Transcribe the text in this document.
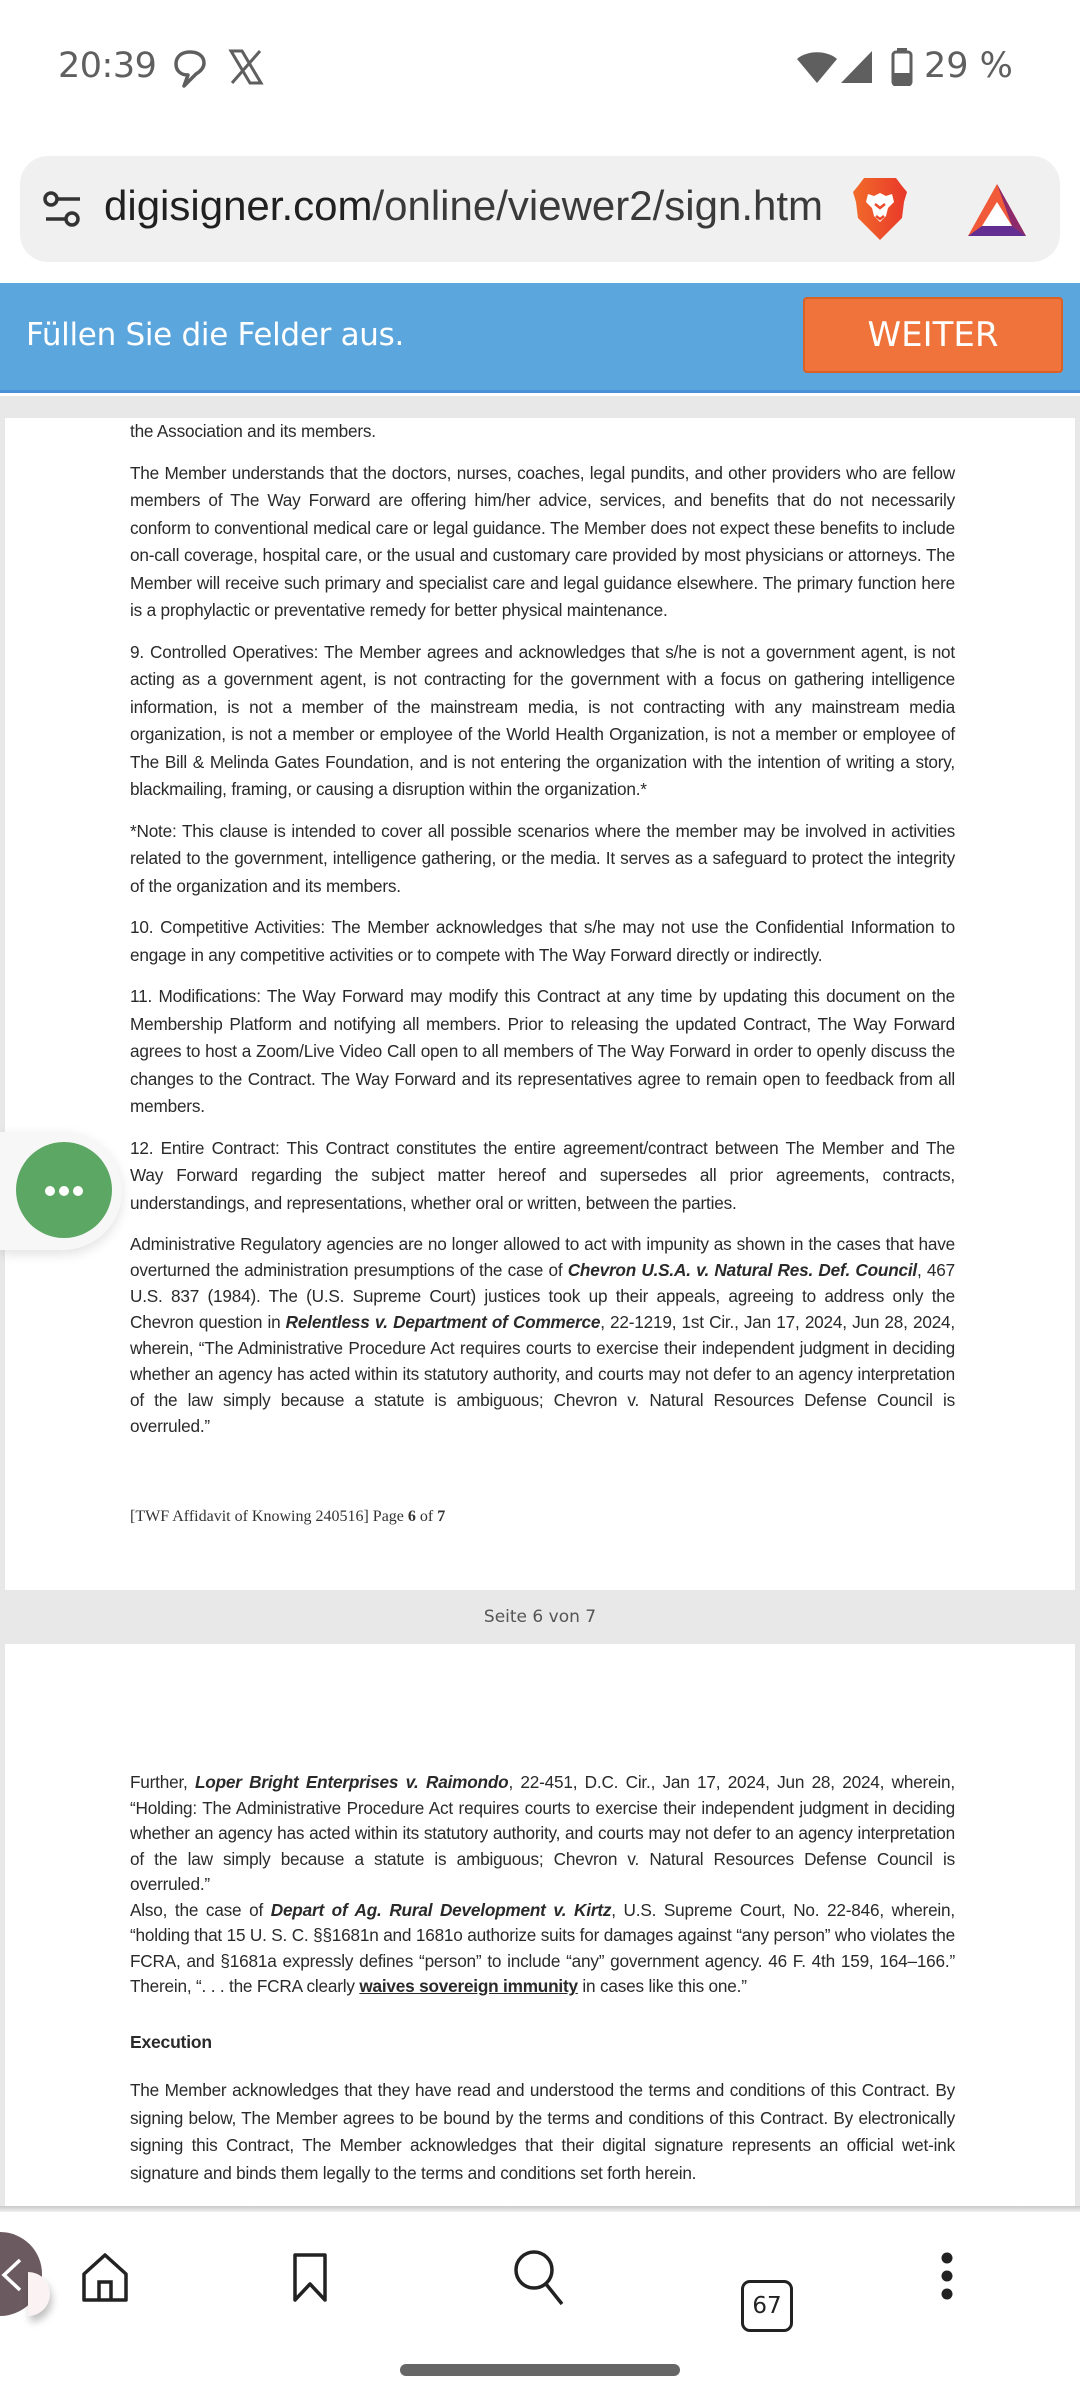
20:39	29 %
digisigner.com/online/viewer2/sign.htm
Füllen Sie die Felder aus.	WEITER

the Association and its members.

The Member understands that the doctors, nurses, coaches, legal pundits, and other providers who are fellow members of The Way Forward are offering him/her advice, services, and benefits that do not necessarily conform to conventional medical care or legal guidance. The Member does not expect these benefits to include on-call coverage, hospital care, or the usual and customary care provided by most physicians or attorneys. The Member will receive such primary and specialist care and legal guidance elsewhere. The primary function here is a prophylactic or preventative remedy for better physical maintenance.

9. Controlled Operatives: The Member agrees and acknowledges that s/he is not a government agent, is not acting as a government agent, is not contracting for the government with a focus on gathering intelligence information, is not a member of the mainstream media, is not contracting with any mainstream media organization, is not a member or employee of the World Health Organization, is not a member or employee of The Bill & Melinda Gates Foundation, and is not entering the organization with the intention of writing a story, blackmailing, framing, or causing a disruption within the organization.*

*Note: This clause is intended to cover all possible scenarios where the member may be involved in activities related to the government, intelligence gathering, or the media. It serves as a safeguard to protect the integrity of the organization and its members.

10. Competitive Activities: The Member acknowledges that s/he may not use the Confidential Information to engage in any competitive activities or to compete with The Way Forward directly or indirectly.

11. Modifications: The Way Forward may modify this Contract at any time by updating this document on the Membership Platform and notifying all members. Prior to releasing the updated Contract, The Way Forward agrees to host a Zoom/Live Video Call open to all members of The Way Forward in order to openly discuss the changes to the Contract. The Way Forward and its representatives agree to remain open to feedback from all members.

12. Entire Contract: This Contract constitutes the entire agreement/contract between The Member and The Way Forward regarding the subject matter hereof and supersedes all prior agreements, contracts, understandings, and representations, whether oral or written, between the parties.

Administrative Regulatory agencies are no longer allowed to act with impunity as shown in the cases that have overturned the administration presumptions of the case of Chevron U.S.A. v. Natural Res. Def. Council, 467 U.S. 837 (1984). The (U.S. Supreme Court) justices took up their appeals, agreeing to address only the Chevron question in Relentless v. Department of Commerce, 22-1219, 1st Cir., Jan 17, 2024, Jun 28, 2024, wherein, “The Administrative Procedure Act requires courts to exercise their independent judgment in deciding whether an agency has acted within its statutory authority, and courts may not defer to an agency interpretation of the law simply because a statute is ambiguous; Chevron v. Natural Resources Defense Council is overruled.”

[TWF Affidavit of Knowing 240516] Page 6 of 7
Seite 6 von 7

Further, Loper Bright Enterprises v. Raimondo, 22-451, D.C. Cir., Jan 17, 2024, Jun 28, 2024, wherein, “Holding: The Administrative Procedure Act requires courts to exercise their independent judgment in deciding whether an agency has acted within its statutory authority, and courts may not defer to an agency interpretation of the law simply because a statute is ambiguous; Chevron v. Natural Resources Defense Council is overruled.”

Also, the case of Depart of Ag. Rural Development v. Kirtz, U.S. Supreme Court, No. 22-846, wherein, “holding that 15 U. S. C. §§1681n and 1681o authorize suits for damages against “any person” who violates the FCRA, and §1681a expressly defines “person” to include “any” government agency. 46 F. 4th 159, 164–166.” Therein, “. . . the FCRA clearly waives sovereign immunity in cases like this one.”

Execution

The Member acknowledges that they have read and understood the terms and conditions of this Contract. By signing below, The Member agrees to be bound by the terms and conditions of this Contract. By electronically signing this Contract, The Member acknowledges that their digital signature represents an official wet-ink signature and binds them legally to the terms and conditions set forth herein.

67
